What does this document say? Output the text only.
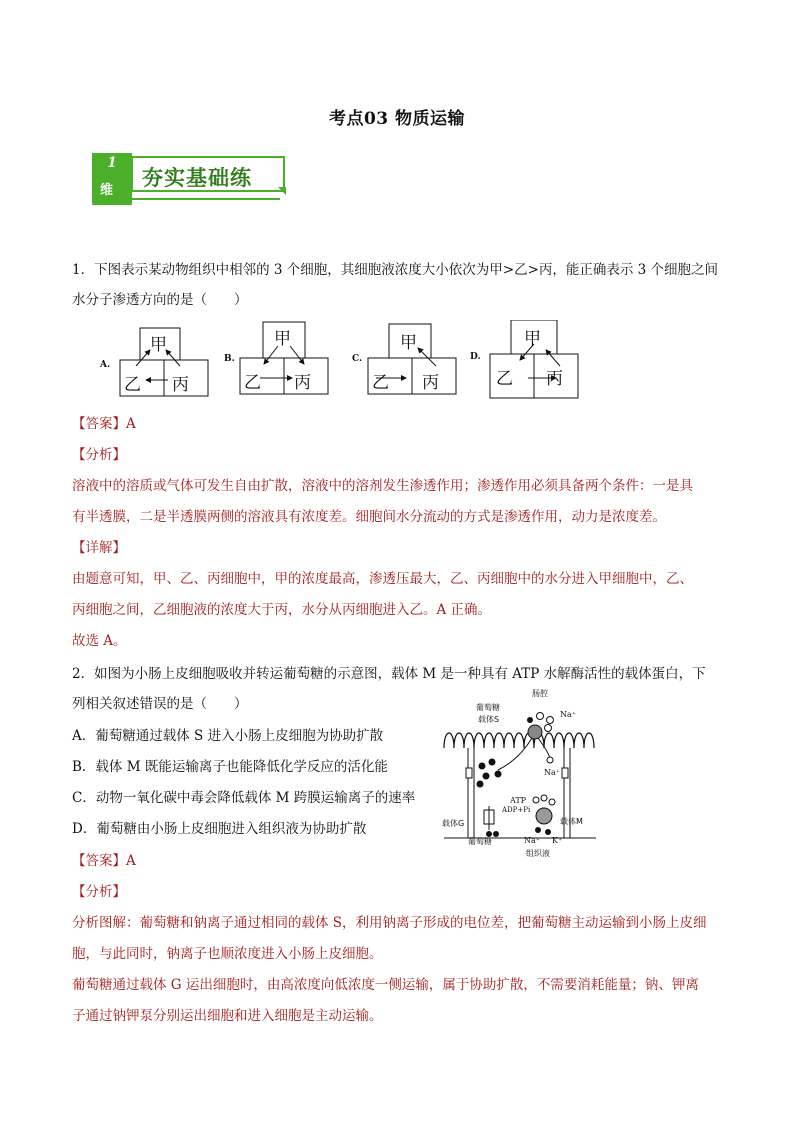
考点03 物质运输
1
维
夯实基础练
1．下图表示某动物组织中相邻的 3 个细胞，其细胞液浓度大小依次为甲>乙>丙，能正确表示 3 个细胞之间
水分子渗透方向的是（　　）
A.
甲
乙 丙
B.
甲
乙 丙
C.
甲
乙 丙
D.
甲
乙 丙
【答案】A
【分析】
溶液中的溶质或气体可发生自由扩散，溶液中的溶剂发生渗透作用；渗透作用必须具备两个条件：一是具
有半透膜，二是半透膜两侧的溶液具有浓度差。细胞间水分流动的方式是渗透作用，动力是浓度差。
【详解】
由题意可知，甲、乙、丙细胞中，甲的浓度最高，渗透压最大，乙、丙细胞中的水分进入甲细胞中，乙、
丙细胞之间，乙细胞液的浓度大于丙，水分从丙细胞进入乙。A 正确。
故选 A。
2．如图为小肠上皮细胞吸收并转运葡萄糖的示意图，载体 M 是一种具有 ATP 水解酶活性的载体蛋白，下
列相关叙述错误的是（　　）
A．葡萄糖通过载体 S 进入小肠上皮细胞为协助扩散
B．载体 M 既能运输离子也能降低化学反应的活化能
C．动物一氧化碳中毒会降低载体 M 跨膜运输离子的速率
D．葡萄糖由小肠上皮细胞进入组织液为协助扩散
肠腔
葡萄糖
载体S
Na⁺
Na⁺
ATP
ADP+Pi
载体G	载体M
葡萄糖	Na⁺ K⁺
组织液
【答案】A
【分析】
分析图解：葡萄糖和钠离子通过相同的载体 S，利用钠离子形成的电位差，把葡萄糖主动运输到小肠上皮细
胞，与此同时，钠离子也顺浓度进入小肠上皮细胞。
葡萄糖通过载体 G 运出细胞时，由高浓度向低浓度一侧运输，属于协助扩散，不需要消耗能量；钠、钾离
子通过钠钾泵分别运出细胞和进入细胞是主动运输。
